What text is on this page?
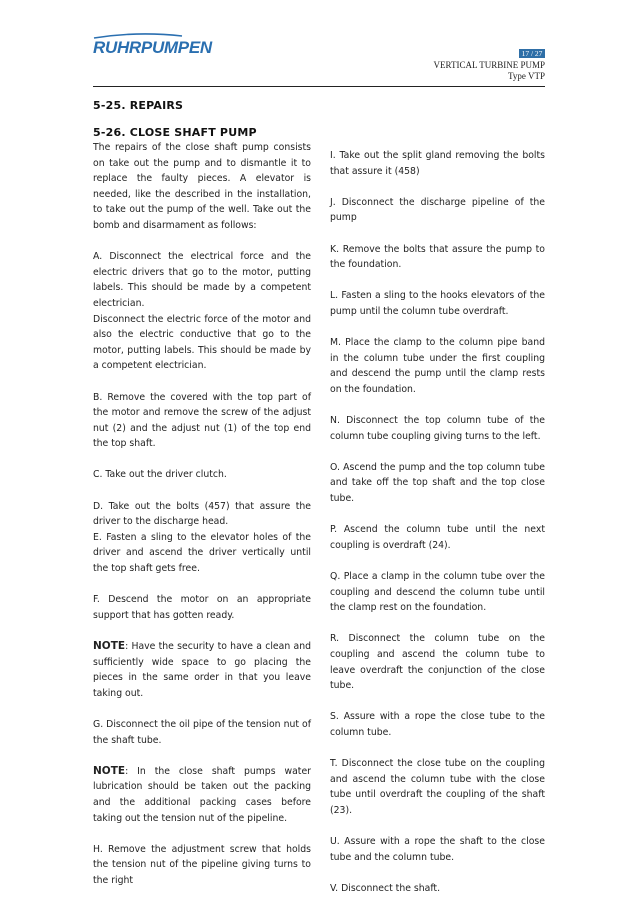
RUHRPUMPEN	17 / 27
VERTICAL TURBINE PUMP
Type VTP
5-25. REPAIRS
5-26. CLOSE SHAFT PUMP

The repairs of the close shaft pump consists on take out the pump and to dismantle it to replace the faulty pieces. A elevator is needed, like the described in the installation, to take out the pump of the well. Take out the bomb and disarmament as follows:

A. Disconnect the electrical force and the electric drivers that go to the motor, putting labels. This should be made by a competent electrician.

Disconnect the electric force of the motor and also the electric conductive that go to the motor, putting labels. This should be made by a competent electrician.

B. Remove the covered with the top part of the motor and remove the screw of the adjust nut (2) and the adjust nut (1) of the top end the top shaft.

C. Take out the driver clutch.

D. Take out the bolts (457) that assure the driver to the discharge head.

E. Fasten a sling to the elevator holes of the driver and ascend the driver vertically until the top shaft gets free.

F. Descend the motor on an appropriate support that has gotten ready.

NOTE: Have the security to have a clean and sufficiently wide space to go placing the pieces in the same order in that you leave taking out.

G. Disconnect the oil pipe of the tension nut of the shaft tube.

NOTE: In the close shaft pumps water lubrication should be taken out the packing and the additional packing cases before taking out the tension nut of the pipeline.

H. Remove the adjustment screw that holds the tension nut of the pipeline giving turns to the right

I. Take out the split gland removing the bolts that assure it (458)

J. Disconnect the discharge pipeline of the pump

K. Remove the bolts that assure the pump to the foundation.

L. Fasten a sling to the hooks elevators of the pump until the column tube overdraft.

M. Place the clamp to the column pipe band in the column tube under the first coupling and descend the pump until the clamp rests on the foundation.

N. Disconnect the top column tube of the column tube coupling giving turns to the left.

O. Ascend the pump and the top column tube and take off the top shaft and the top close tube.

P. Ascend the column tube until the next coupling is overdraft (24).

Q. Place a clamp in the column tube over the coupling and descend the column tube until the clamp rest on the foundation.

R. Disconnect the column tube on the coupling and ascend the column tube to leave overdraft the conjunction of the close tube.

S. Assure with a rope the close tube to the column tube.

T. Disconnect the close tube on the coupling and ascend the column tube with the close tube until overdraft the coupling of the shaft (23).

U. Assure with a rope the shaft to the close tube and the column tube.

V. Disconnect the shaft.
